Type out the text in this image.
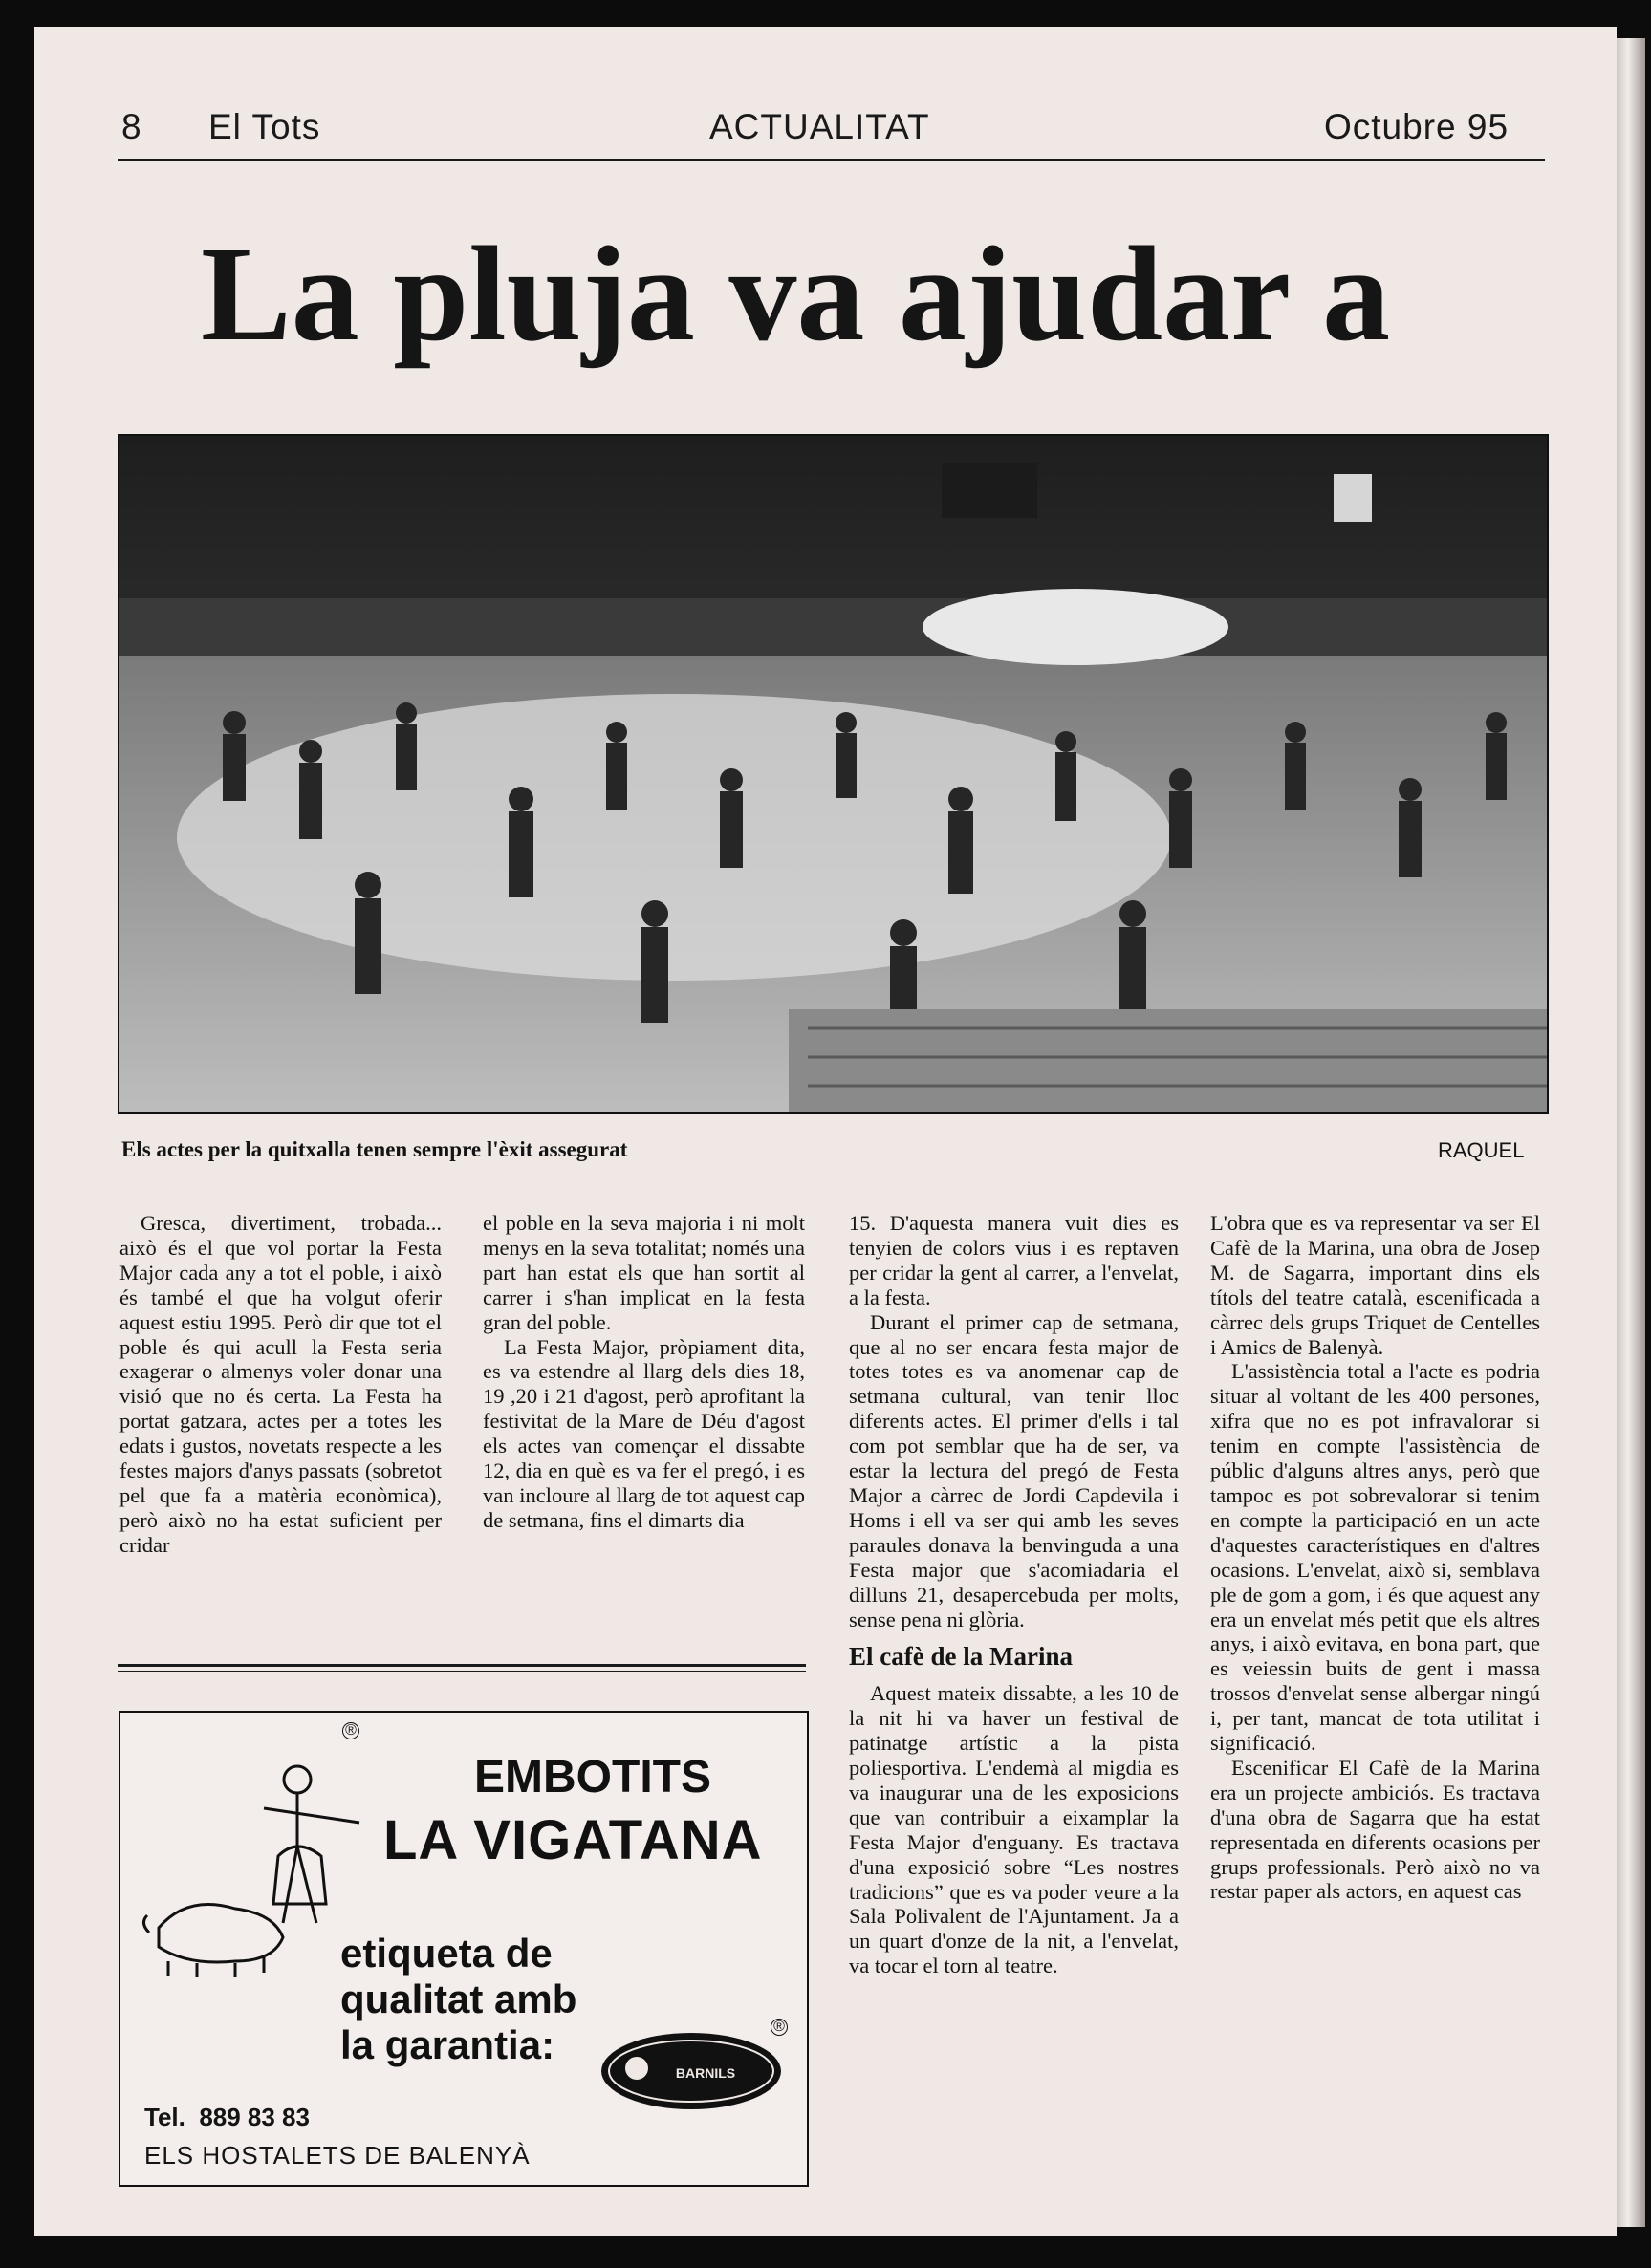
8 El Tots	ACTUALITAT	Octubre 95
La pluja va ajudar a
Els actes per la quitxalla tenen sempre l'èxit assegurat	RAQUEL

Gresca, divertiment, trobada... això és el que vol portar la Festa Major cada any a tot el poble, i això és també el que ha volgut oferir aquest estiu 1995. Però dir que tot el poble és qui acull la Festa seria exagerar o almenys voler donar una visió que no és certa. La Festa ha portat gatzara, actes per a totes les edats i gustos, novetats respecte a les festes majors d'anys passats (sobretot pel que fa a matèria econòmica), però això no ha estat suficient per cridar

el poble en la seva majoria i ni molt menys en la seva totalitat; només una part han estat els que han sortit al carrer i s'han implicat en la festa gran del poble.

La Festa Major, pròpiament dita, es va estendre al llarg dels dies 18, 19 ,20 i 21 d'agost, però aprofitant la festivitat de la Mare de Déu d'agost els actes van començar el dissabte 12, dia en què es va fer el pregó, i es van incloure al llarg de tot aquest cap de setmana, fins el dimarts dia

15. D'aquesta manera vuit dies es tenyien de colors vius i es reptaven per cridar la gent al carrer, a l'envelat, a la festa.

Durant el primer cap de setmana, que al no ser encara festa major de totes totes es va anomenar cap de setmana cultural, van tenir lloc diferents actes. El primer d'ells i tal com pot semblar que ha de ser, va estar la lectura del pregó de Festa Major a càrrec de Jordi Capdevila i Homs i ell va ser qui amb les seves paraules donava la benvinguda a una Festa major que s'acomiadaria el dilluns 21, desapercebuda per molts, sense pena ni glòria.

El cafè de la Marina

Aquest mateix dissabte, a les 10 de la nit hi va haver un festival de patinatge artístic a la pista poliesportiva. L'endemà al migdia es va inaugurar una de les exposicions que van contribuir a eixamplar la Festa Major d'enguany. Es tractava d'una exposició sobre “Les nostres tradicions” que es va poder veure a la Sala Polivalent de l'Ajuntament. Ja a un quart d'onze de la nit, a l'envelat, va tocar el torn al teatre.

L'obra que es va representar va ser El Cafè de la Marina, una obra de Josep M. de Sagarra, important dins els títols del teatre català, escenificada a càrrec dels grups Triquet de Centelles i Amics de Balenyà.

L'assistència total a l'acte es podria situar al voltant de les 400 persones, xifra que no es pot infravalorar si tenim en compte l'assistència de públic d'alguns altres anys, però que tampoc es pot sobrevalorar si tenim en compte la participació en un acte d'aquestes característiques en d'altres ocasions. L'envelat, això si, semblava ple de gom a gom, i és que aquest any era un envelat més petit que els altres anys, i això evitava, en bona part, que es veiessin buits de gent i massa trossos d'envelat sense albergar ningú i, per tant, mancat de tota utilitat i significació.

Escenificar El Cafè de la Marina era un projecte ambiciós. Es tractava d'una obra de Sagarra que ha estat representada en diferents ocasions per grups professionals. Però això no va restar paper als actors, en aquest cas

®
EMBOTITS
LA VIGATANA
etiqueta de
qualitat amb
la garantia:	®
BARNILS
Tel. 889 83 83
ELS HOSTALETS DE BALENYÀ
